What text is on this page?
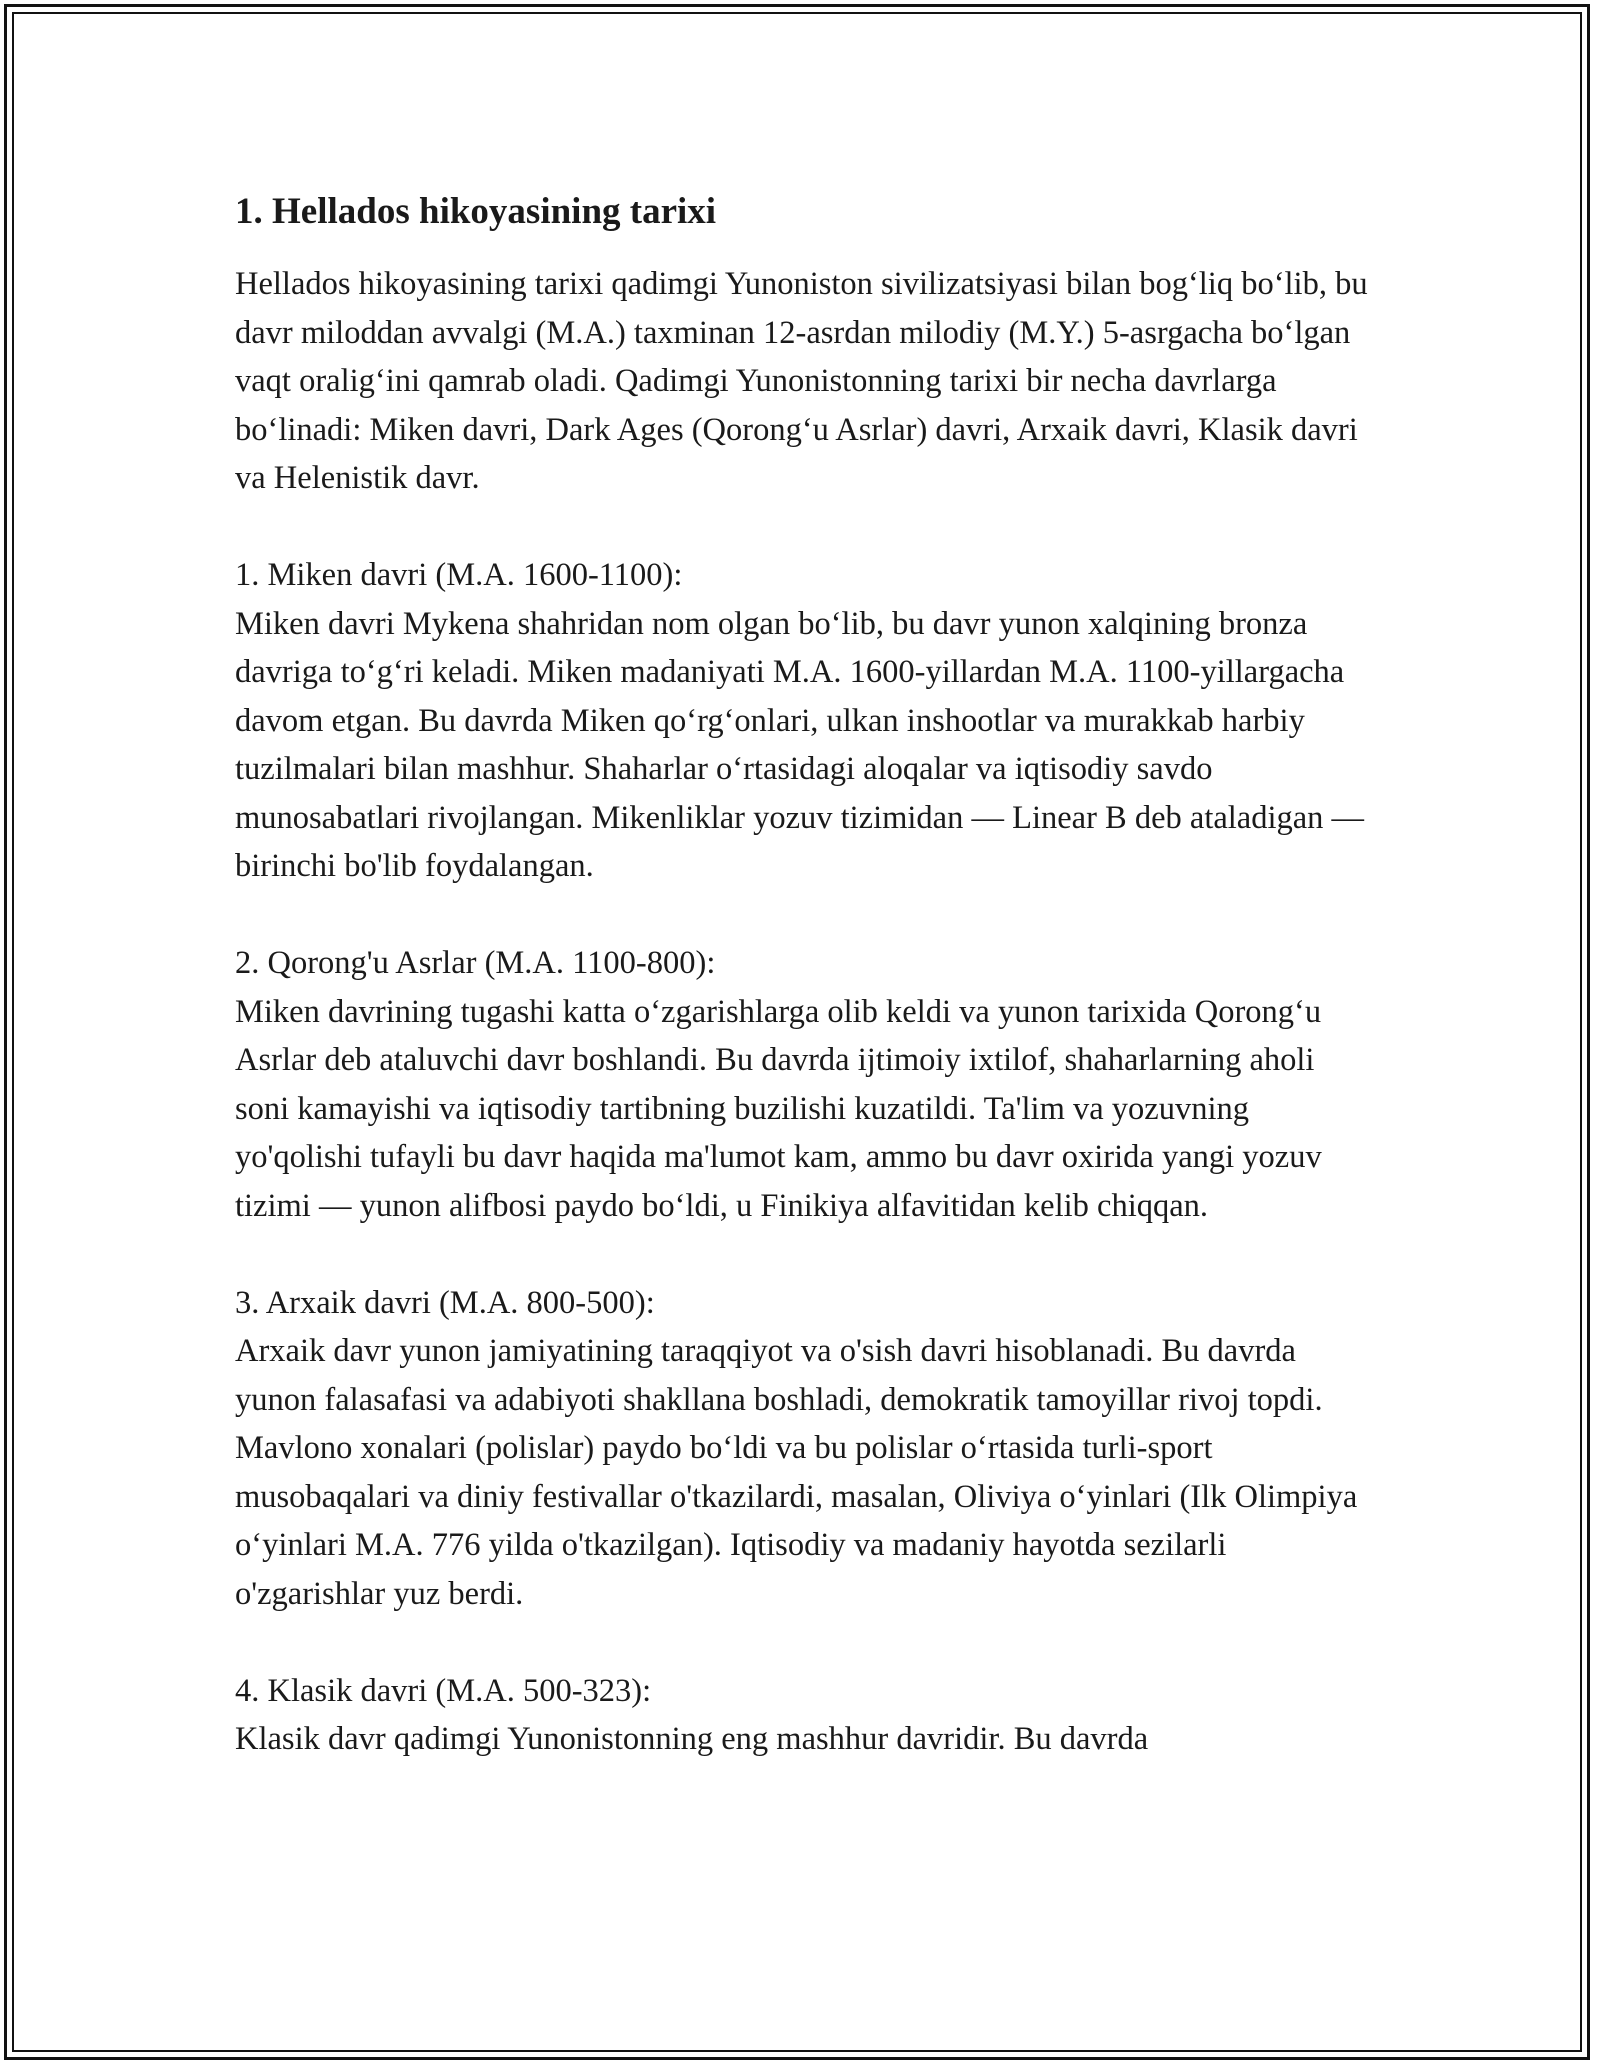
1. Hellados hikoyasining tarixi

Hellados hikoyasining tarixi qadimgi Yunoniston sivilizatsiyasi bilan bog‘liq bo‘lib, bu davr miloddan avvalgi (M.A.) taxminan 12-asrdan milodiy (M.Y.) 5-asrgacha bo‘lgan vaqt oralig‘ini qamrab oladi. Qadimgi Yunonistonning tarixi bir necha davrlarga bo‘linadi: Miken davri, Dark Ages (Qorong‘u Asrlar) davri, Arxaik davri, Klasik davri va Helenistik davr.

1. Miken davri (M.A. 1600-1100):
Miken davri Mykena shahridan nom olgan bo‘lib, bu davr yunon xalqining bronza davriga to‘g‘ri keladi. Miken madaniyati M.A. 1600-yillardan M.A. 1100-yillargacha davom etgan. Bu davrda Miken qo‘rg‘onlari, ulkan inshootlar va murakkab harbiy tuzilmalari bilan mashhur. Shaharlar o‘rtasidagi aloqalar va iqtisodiy savdo munosabatlari rivojlangan. Mikenliklar yozuv tizimidan — Linear B deb ataladigan — birinchi bo'lib foydalangan.

2. Qorong'u Asrlar (M.A. 1100-800):
Miken davrining tugashi katta o‘zgarishlarga olib keldi va yunon tarixida Qorong‘u Asrlar deb ataluvchi davr boshlandi. Bu davrda ijtimoiy ixtilof, shaharlarning aholi soni kamayishi va iqtisodiy tartibning buzilishi kuzatildi. Ta'lim va yozuvning yo'qolishi tufayli bu davr haqida ma'lumot kam, ammo bu davr oxirida yangi yozuv tizimi — yunon alifbosi paydo bo‘ldi, u Finikiya alfavitidan kelib chiqqan.

3. Arxaik davri (M.A. 800-500):
Arxaik davr yunon jamiyatining taraqqiyot va o'sish davri hisoblanadi. Bu davrda yunon falasafasi va adabiyoti shakllana boshladi, demokratik tamoyillar rivoj topdi. Mavlono xonalari (polislar) paydo bo‘ldi va bu polislar o‘rtasida turli-sport musobaqalari va diniy festivallar o'tkazilardi, masalan, Oliviya o‘yinlari (Ilk Olimpiya o‘yinlari M.A. 776 yilda o'tkazilgan). Iqtisodiy va madaniy hayotda sezilarli o'zgarishlar yuz berdi.

4. Klasik davri (M.A. 500-323):
Klasik davr qadimgi Yunonistonning eng mashhur davridir. Bu davrda
